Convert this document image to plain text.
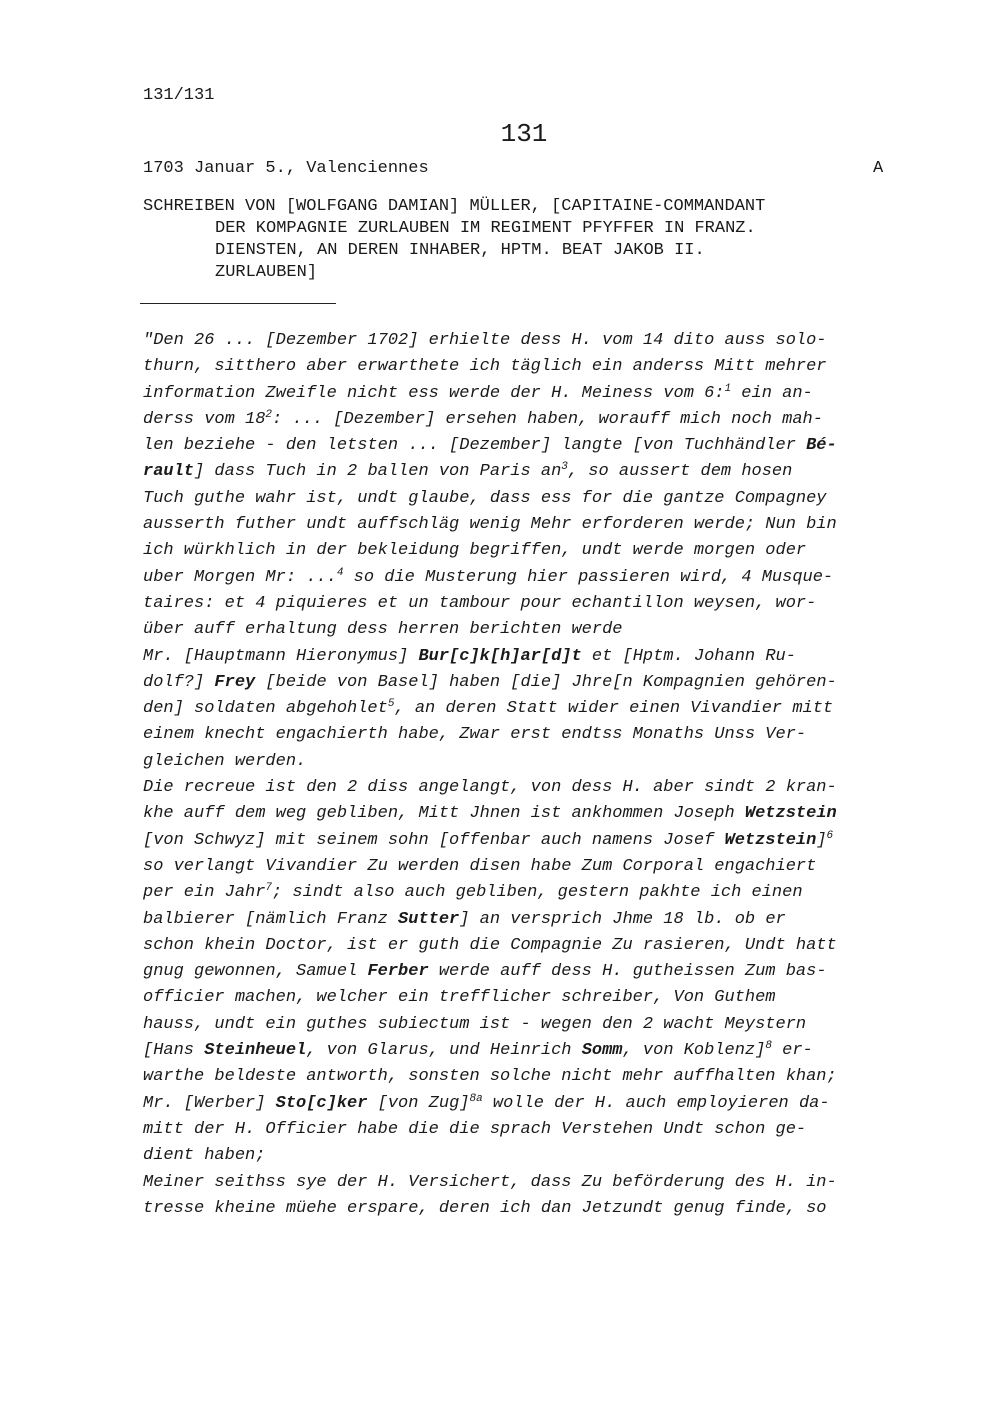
131/131
131
1703 Januar 5., Valenciennes	A
SCHREIBEN VON [WOLFGANG DAMIAN] MÜLLER, [CAPITAINE-COMMANDANT
DER KOMPAGNIE ZURLAUBEN IM REGIMENT PFYFFER IN FRANZ.
DIENSTEN, AN DEREN INHABER, HPTM. BEAT JAKOB II.
ZURLAUBEN]
"Den 26 ... [Dezember 1702] erhielte dess H. vom 14 dito auss solo-
thurn, sitthero aber erwarthete ich täglich ein anderss Mitt mehrer
information Zweifle nicht ess werde der H. Meiness vom 6:$^1$ ein an-
derss vom $18^2$: ... [Dezember] ersehen haben, worauff mich noch mah-
len beziehe - den letsten ... [Dezember] langte [von Tuchhändler Bé-
rault] dass Tuch in 2 ballen von Paris $an^3$, so aussert dem hosen
Tuch guthe wahr ist, undt glaube, dass ess for die gantze Compagney
ausserth futher undt auffschläg wenig Mehr erforderen werde; Nun bin
ich würkhlich in der bekleidung begriffen, undt werde morgen oder
uber Morgen Mr: ...$^4$ so die Musterung hier passieren wird, 4 Musque-
taires: et 4 piquieres et un tambour pour echantillon weysen, wor-
über auff erhaltung dess herren berichten werde
Mr. [Hauptmann Hieronymus] Bur[c]k[h]ar[d]t et [Hptm. Johann Ru-
dolf?] Frey [beide von Basel] haben [die] Jhre[n Kompagnien gehören-
den] soldaten abgehohlet$^5$, an deren Statt wider einen Vivandier mitt
einem knecht engachierth habe, Zwar erst endtss Monaths Unss Ver-
gleichen werden.
Die recreue ist den 2 diss angelangt, von dess H. aber sindt 2 kran-
khe auff dem weg gebliben, Mitt Jhnen ist ankhommen Joseph Wetzstein
[von Schwyz] mit seinem sohn [offenbar auch namens Josef Wetzstein]$^6$
so verlangt Vivandier Zu werden disen habe Zum Corporal engachiert
per ein Jahr$^7$; sindt also auch gebliben, gestern pakhte ich einen
balbierer [nämlich Franz Sutter] an versprich Jhme 18 lb. ob er
schon khein Doctor, ist er guth die Compagnie Zu rasieren, Undt hatt
gnug gewonnen, Samuel Ferber werde auff dess H. gutheissen Zum bas-
officier machen, welcher ein trefflicher schreiber, Von Guthem
hauss, undt ein guthes subiectum ist - wegen den 2 wacht Meystern
[Hans Steinheuel, von Glarus, und Heinrich Somm, von Koblenz]$^8$ er-
warthe beldeste antworth, sonsten solche nicht mehr auffhalten khan;
Mr. [Werber] Sto[c]ker [von Zug]$^{8a}$ wolle der H. auch employieren da-
mitt der H. Officier habe die die sprach Verstehen Undt schon ge-
dient haben;
Meiner seithss sye der H. Versichert, dass Zu beförderung des H. in-
tresse kheine müehe erspare, deren ich dan Jetzundt genug finde, so
